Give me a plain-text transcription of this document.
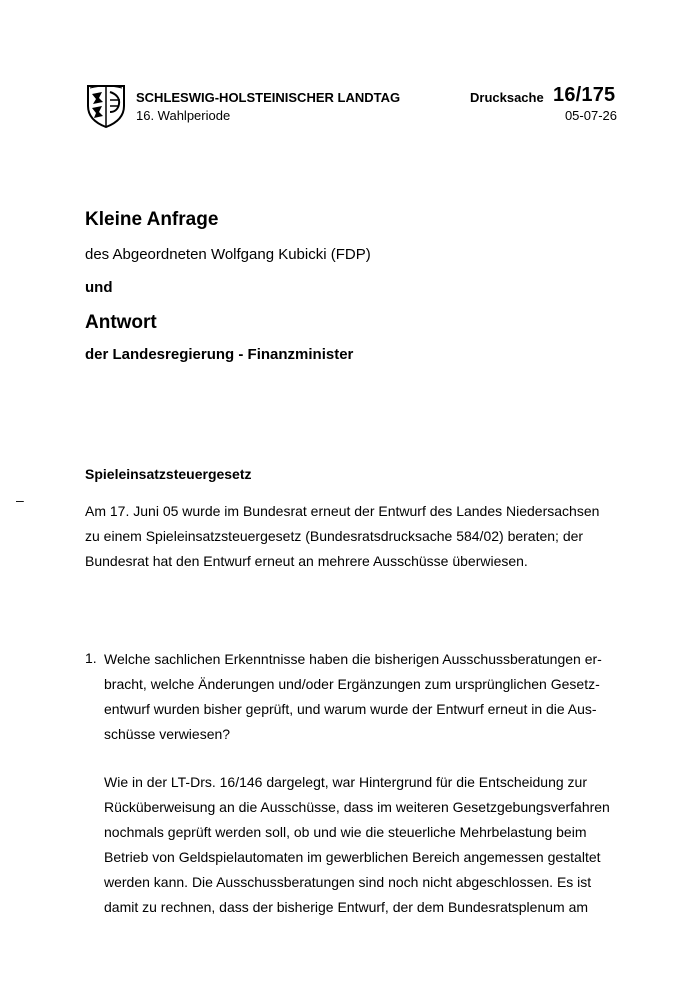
SCHLESWIG-HOLSTEINISCHER LANDTAG
16. Wahlperiode
Drucksache 16/175
05-07-26
Kleine Anfrage
des Abgeordneten Wolfgang Kubicki (FDP)
und
Antwort
der Landesregierung - Finanzminister
Spieleinsatzsteuergesetz
–
Am 17. Juni 05 wurde im Bundesrat erneut der Entwurf des Landes Niedersachsen
zu einem Spieleinsatzsteuergesetz (Bundesratsdrucksache 584/02) beraten; der
Bundesrat hat den Entwurf erneut an mehrere Ausschüsse überwiesen.
1. Welche sachlichen Erkenntnisse haben die bisherigen Ausschussberatungen er-
bracht, welche Änderungen und/oder Ergänzungen zum ursprünglichen Gesetz-
entwurf wurden bisher geprüft, und warum wurde der Entwurf erneut in die Aus-
schüsse verwiesen?
Wie in der LT-Drs. 16/146 dargelegt, war Hintergrund für die Entscheidung zur
Rücküberweisung an die Ausschüsse, dass im weiteren Gesetzgebungsverfahren
nochmals geprüft werden soll, ob und wie die steuerliche Mehrbelastung beim
Betrieb von Geldspielautomaten im gewerblichen Bereich angemessen gestaltet
werden kann. Die Ausschussberatungen sind noch nicht abgeschlossen. Es ist
damit zu rechnen, dass der bisherige Entwurf, der dem Bundesratsplenum am
